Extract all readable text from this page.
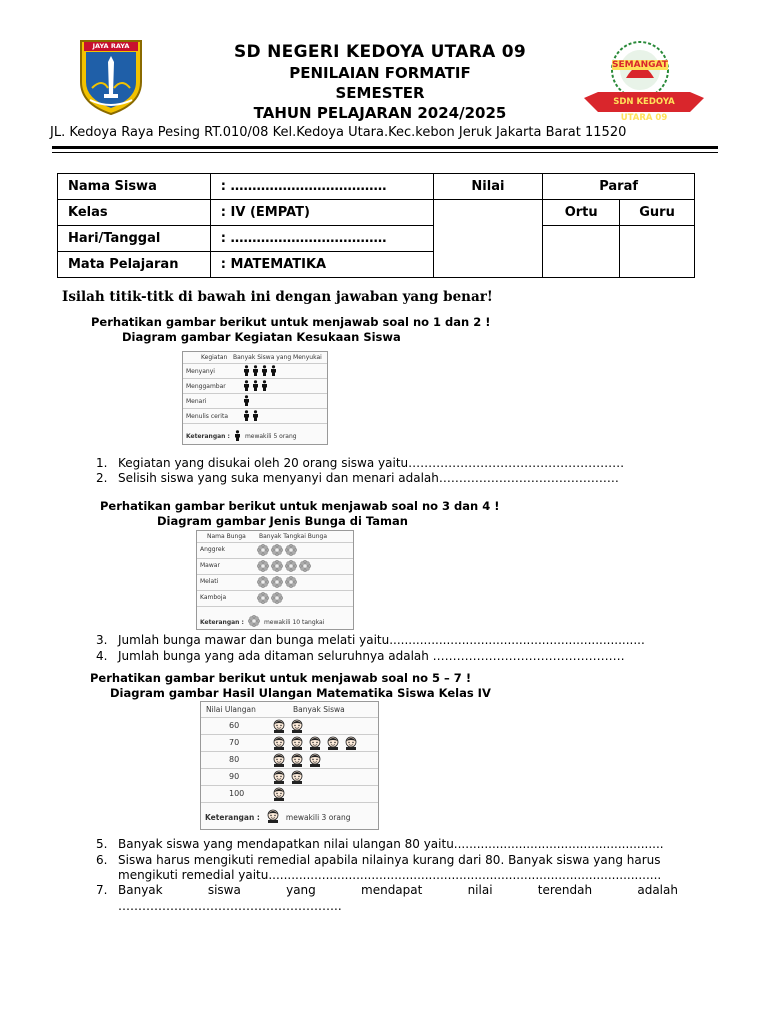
JAYA RAYA	SD NEGERI KEDOYA UTARA 09
PENILAIAN FORMATIF
SEMESTER
TAHUN PELAJARAN 2024/2025
JL. Kedoya Raya Pesing RT.010/08 Kel.Kedoya Utara.Kec.kebon Jeruk Jakarta Barat 11520
SEMANGAT
SDN KEDOYA UTARA 09
Nama Siswa	: ………………………………	Nilai	Paraf	
Kelas	: IV (EMPAT)		Ortu	Guru
Hari/Tanggal	: ………………………………			
Mata Pelajaran	: MATEMATIKA			
Isilah titik-titk di bawah ini dengan jawaban yang benar!
Perhatikan gambar berikut untuk menjawab soal no 1 dan 2 !
Diagram gambar Kegiatan Kesukaan Siswa
Kegiatan Banyak Siswa yang Menyukai
Menyanyi
Menggambar
Menari
Menulis cerita
Keterangan :	mewakili 5 orang
1. Kegiatan yang disukai oleh 20 orang siswa yaitu………………………………………………
2. Selisih siswa yang suka menyanyi dan menari adalah………………………………………
Perhatikan gambar berikut untuk menjawab soal no 3 dan 4 !
Diagram gambar Jenis Bunga di Taman
Nama Bunga Banyak Tangkai Bunga
Anggrek
Mawar
Melati
Kamboja
Keterangan :	mewakili 10 tangkai
3. Jumlah bunga mawar dan bunga melati yaitu...................................................................
4. Jumlah bunga yang ada ditaman seluruhnya adalah …………………………………………
Perhatikan gambar berikut untuk menjawab soal no 5 – 7 !
Diagram gambar Hasil Ulangan Matematika Siswa Kelas IV
Nilai Ulangan	Banyak Siswa
60
70
80
90
100
Keterangan :	mewakili 3 orang
5. Banyak siswa yang mendapatkan nilai ulangan 80 yaitu.......................................................
6. Siswa harus mengikuti remedial apabila nilainya kurang dari 80. Banyak siswa yang harus
mengikuti remedial yaitu.......................................................................................................
7. Banyak	siswa	yang	mendapat	nilai	terendah	adalah
………………………………………………..
